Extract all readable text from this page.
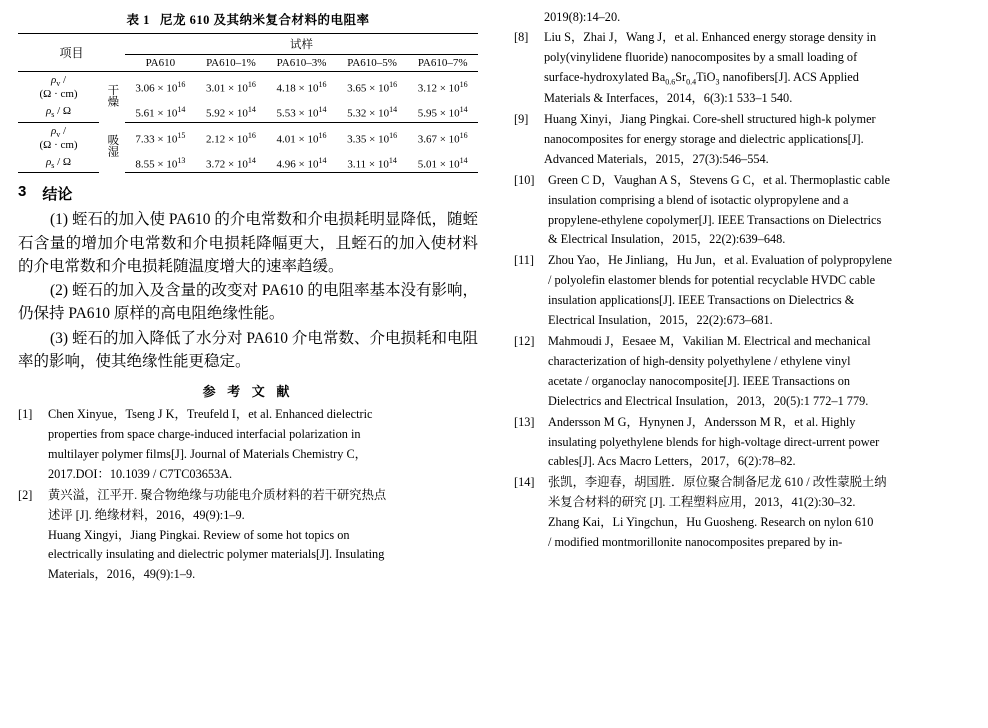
表 1 尼龙 610 及其纳米复合材料的电阻率
项目		试样				
		PA610	PA610–1%	PA610–3%	PA610–5%	PA610–7%
$\rho_v$ /
(Ω · cm)	干燥	$3.06 \times 10^{16}$	$3.01 \times 10^{16}$	$4.18 \times 10^{16}$	$3.65 \times 10^{16}$	$3.12 \times 10^{16}$
$\rho_s$ / Ω		$5.61 \times 10^{14}$	$5.92 \times 10^{14}$	$5.53 \times 10^{14}$	$5.32 \times 10^{14}$	$5.95 \times 10^{14}$
$\rho_v$ /
(Ω · cm)	吸湿	$7.33 \times 10^{15}$	$2.12 \times 10^{16}$	$4.01 \times 10^{16}$	$3.35 \times 10^{16}$	$3.67 \times 10^{16}$
$\rho_s$ / Ω		$8.55 \times 10^{13}$	$3.72 \times 10^{14}$	$4.96 \times 10^{14}$	$3.11 \times 10^{14}$	$5.01 \times 10^{14}$
3 结论

(1) 蛭石的加入使 PA610 的介电常数和介电损耗明显降低，随蛭石含量的增加介电常数和介电损耗降幅更大，且蛭石的加入使材料的介电常数和介电损耗随温度增大的速率趋缓。

(2) 蛭石的加入及含量的改变对 PA610 的电阻率基本没有影响，仍保持 PA610 原样的高电阻绝缘性能。

(3) 蛭石的加入降低了水分对 PA610 介电常数、介电损耗和电阻率的影响，使其绝缘性能更稳定。

参 考 文 献
[1]	Chen Xinyue，Tseng J K，Treufeld I，et al. Enhanced dielectric
properties from space charge-induced interfacial polarization in
multilayer polymer films[J]. Journal of Materials Chemistry C，
2017.DOI：10.1039 / C7TC03653A.
[2]	黄兴溢，江平开. 聚合物绝缘与功能电介质材料的若干研究热点
述评 [J]. 绝缘材料，2016，49(9):1–9.
Huang Xingyi，Jiang Pingkai. Review of some hot topics on
electrically insulating and dielectric polymer materials[J]. Insulating
Materials，2016，49(9):1–9.
2019(8):14–20.
[8]	Liu S，Zhai J，Wang J，et al. Enhanced energy storage density in
poly(vinylidene fluoride) nanocomposites by a small loading of
surface-hydroxylated $Ba_{0.6}Sr_{0.4}TiO_3$ nanofibers[J]. ACS Applied
Materials & Interfaces，2014，6(3):1 533–1 540.
[9]	Huang Xinyi，Jiang Pingkai. Core-shell structured high-k polymer
nanocomposites for energy storage and dielectric applications[J].
Advanced Materials，2015，27(3):546–554.
[10]	Green C D，Vaughan A S，Stevens G C，et al. Thermoplastic cable
insulation comprising a blend of isotactic olypropylene and a
propylene-ethylene copolymer[J]. IEEE Transactions on Dielectrics
& Electrical Insulation，2015，22(2):639–648.
[11]	Zhou Yao，He Jinliang，Hu Jun，et al. Evaluation of polypropylene
/ polyolefin elastomer blends for potential recyclable HVDC cable
insulation applications[J]. IEEE Transactions on Dielectrics &
Electrical Insulation，2015，22(2):673–681.
[12]	Mahmoudi J，Eesaee M，Vakilian M. Electrical and mechanical
characterization of high-density polyethylene / ethylene vinyl
acetate / organoclay nanocomposite[J]. IEEE Transactions on
Dielectrics and Electrical Insulation，2013，20(5):1 772–1 779.
[13]	Andersson M G，Hynynen J，Andersson M R，et al. Highly
insulating polyethylene blends for high-voltage direct-urrent power
cables[J]. Acs Macro Letters，2017，6(2):78–82.
[14]	张凯，李迎春，胡国胜．原位聚合制备尼龙 610 / 改性蒙脱土纳
米复合材料的研究 [J]. 工程塑料应用，2013，41(2):30–32.
Zhang Kai，Li Yingchun，Hu Guosheng. Research on nylon 610
/ modified montmorillonite nanocomposites prepared by in-
